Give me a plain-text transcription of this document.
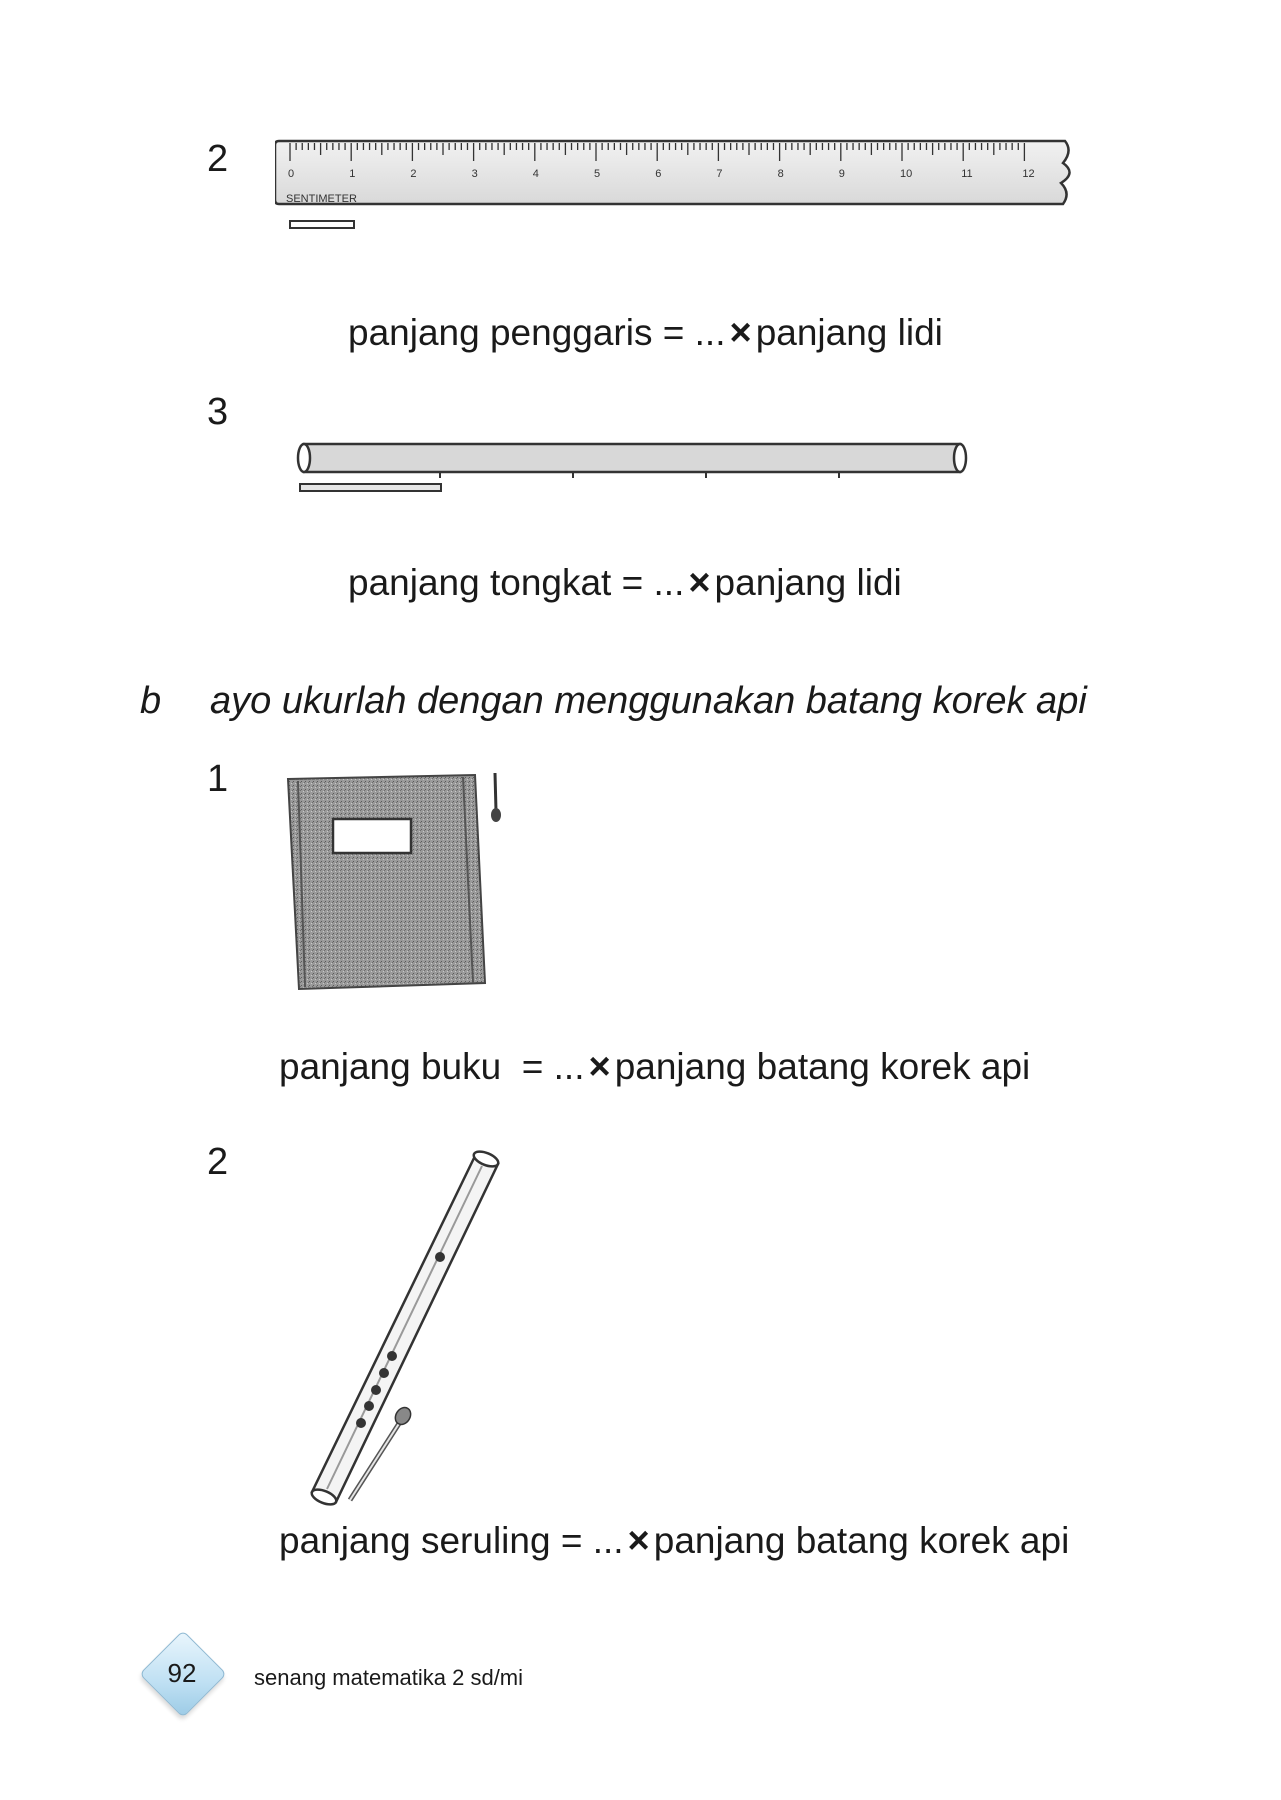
2	0	1	2	3	4	5	6	7	8	9	10	11	12
SENTIMETER
panjang penggaris = ... × panjang lidi
3
panjang tongkat = ... × panjang lidi
b ayo ukurlah dengan menggunakan batang korek api
1
panjang buku  = ... × panjang batang korek api
2
panjang seruling = ... × panjang batang korek api
92	senang matematika 2 sd/mi
